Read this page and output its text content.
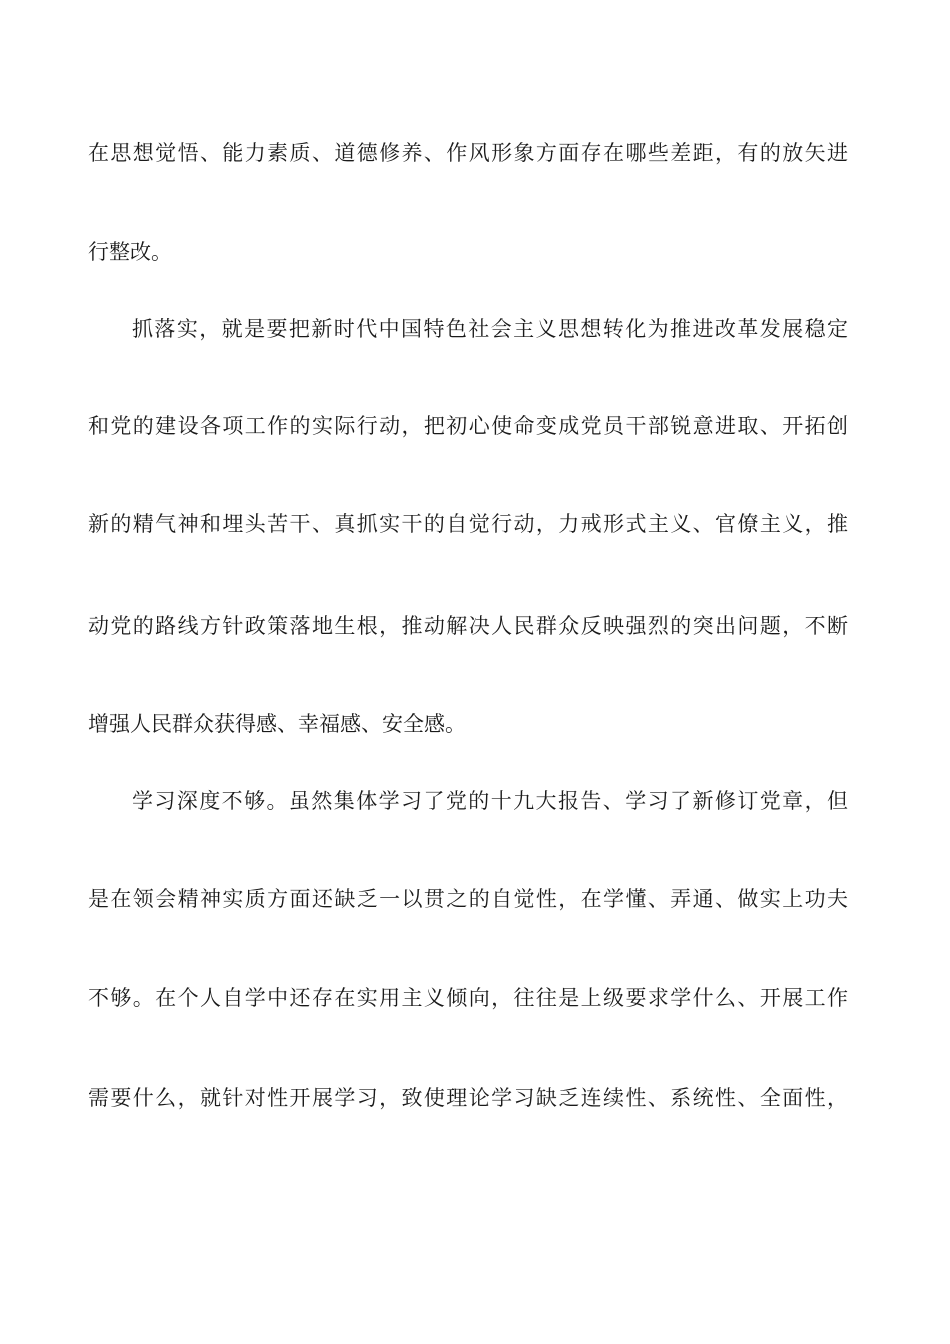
在思想觉悟、能力素质、道德修养、作风形象方面存在哪些差距，有的放矢进
行整改。
抓落实，就是要把新时代中国特色社会主义思想转化为推进改革发展稳定
和党的建设各项工作的实际行动，把初心使命变成党员干部锐意进取、开拓创
新的精气神和埋头苦干、真抓实干的自觉行动，力戒形式主义、官僚主义，推
动党的路线方针政策落地生根，推动解决人民群众反映强烈的突出问题，不断
增强人民群众获得感、幸福感、安全感。
学习深度不够。虽然集体学习了党的十九大报告、学习了新修订党章，但
是在领会精神实质方面还缺乏一以贯之的自觉性，在学懂、弄通、做实上功夫
不够。在个人自学中还存在实用主义倾向，往往是上级要求学什么、开展工作
需要什么，就针对性开展学习，致使理论学习缺乏连续性、系统性、全面性，
